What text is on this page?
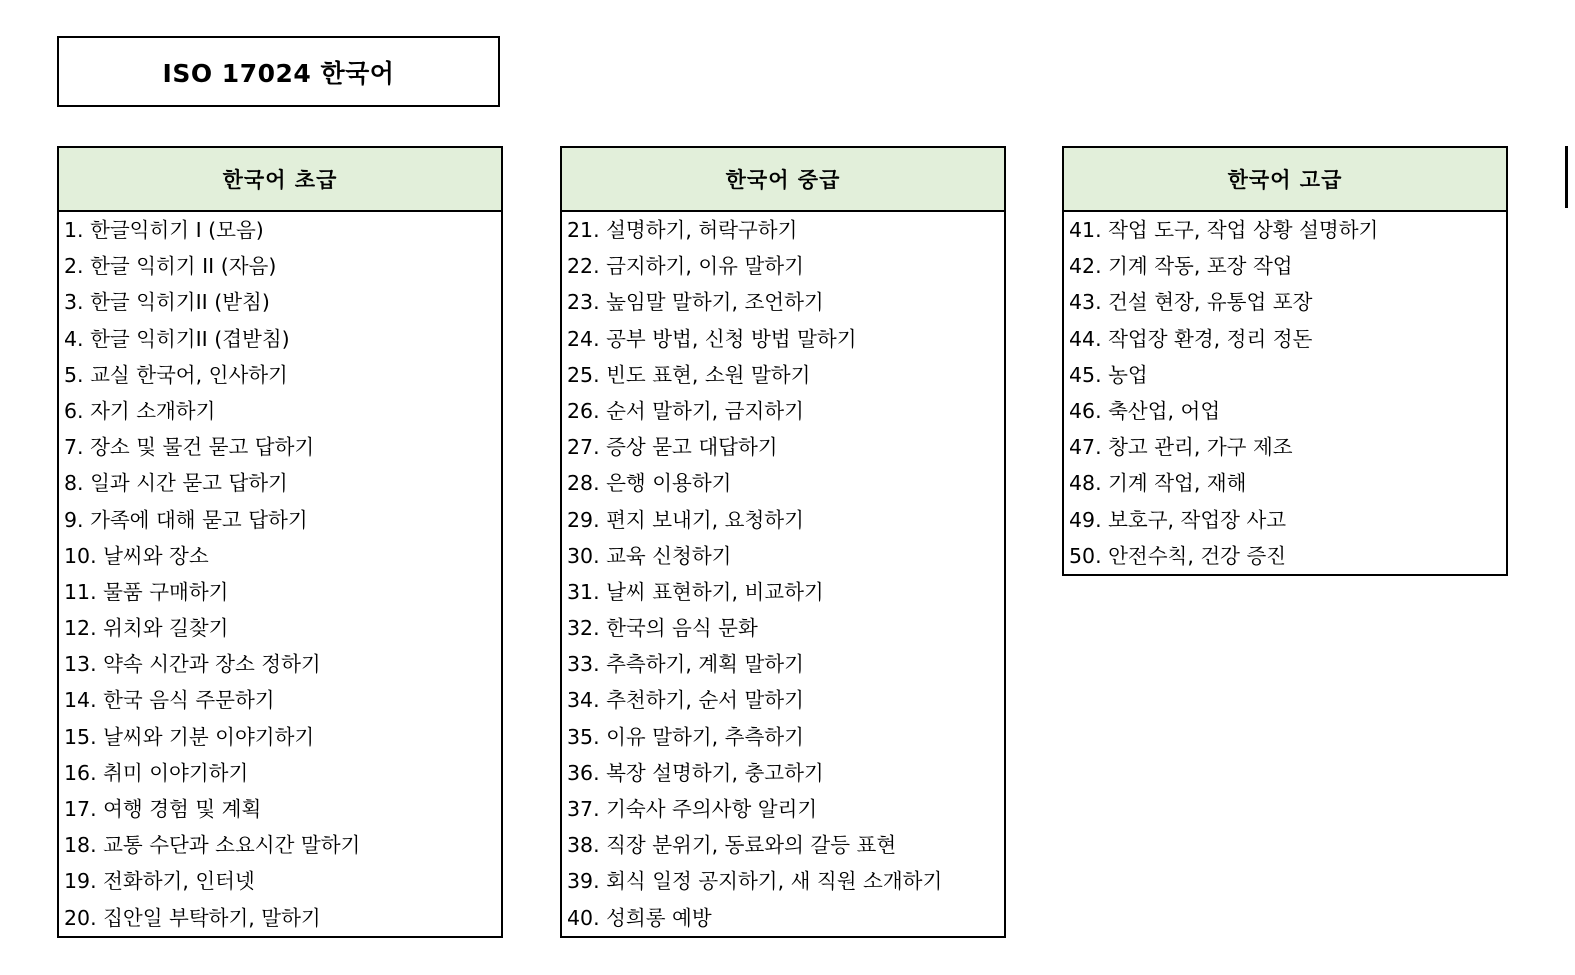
ISO 17024 한국어
한국어 초급
1. 한글익히기 I (모음)
2. 한글 익히기 II (자음)
3. 한글 익히기II (받침)
4. 한글 익히기II (겹받침)
5. 교실 한국어, 인사하기
6. 자기 소개하기
7. 장소 및 물건 묻고 답하기
8. 일과 시간 묻고 답하기
9. 가족에 대해 묻고 답하기
10. 날씨와 장소
11. 물품 구매하기
12. 위치와 길찾기
13. 약속 시간과 장소 정하기
14. 한국 음식 주문하기
15. 날씨와 기분 이야기하기
16. 취미 이야기하기
17. 여행 경험 및 계획
18. 교통 수단과 소요시간 말하기
19. 전화하기, 인터넷
20. 집안일 부탁하기, 말하기
한국어 중급
21. 설명하기, 허락구하기
22. 금지하기, 이유 말하기
23. 높임말 말하기, 조언하기
24. 공부 방법, 신청 방법 말하기
25. 빈도 표현, 소원 말하기
26. 순서 말하기, 금지하기
27. 증상 묻고 대답하기
28. 은행 이용하기
29. 편지 보내기, 요청하기
30. 교육 신청하기
31. 날씨 표현하기, 비교하기
32. 한국의 음식 문화
33. 추측하기, 계획 말하기
34. 추천하기, 순서 말하기
35. 이유 말하기, 추측하기
36. 복장 설명하기, 충고하기
37. 기숙사 주의사항 알리기
38. 직장 분위기, 동료와의 갈등 표현
39. 회식 일정 공지하기, 새 직원 소개하기
40. 성희롱 예방
한국어 고급
41. 작업 도구, 작업 상황 설명하기
42. 기계 작동, 포장 작업
43. 건설 현장, 유통업 포장
44. 작업장 환경, 정리 정돈
45. 농업
46. 축산업, 어업
47. 창고 관리, 가구 제조
48. 기계 작업, 재해
49. 보호구, 작업장 사고
50. 안전수칙, 건강 증진
